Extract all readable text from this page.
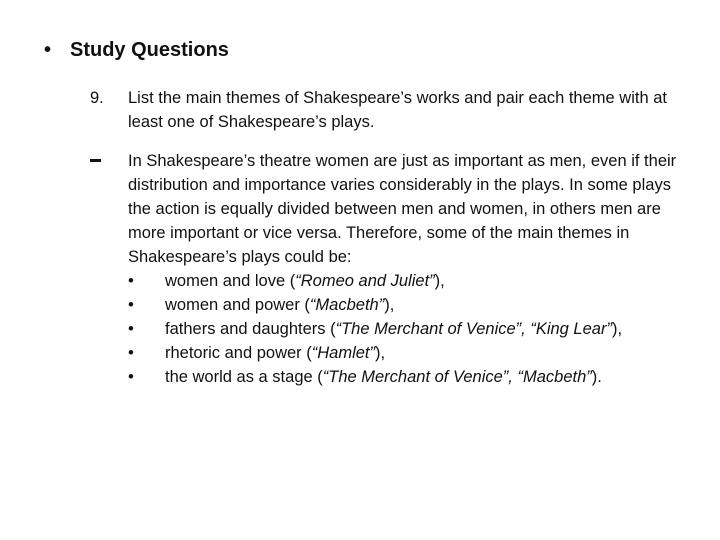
• Study Questions
9.	List the main themes of Shakespeare’s works and pair each theme with at least one of Shakespeare’s plays.

In Shakespeare’s theatre women are just as important as men, even if their distribution and importance varies considerably in the plays. In some plays the action is equally divided between men and women, in others men are more important or vice versa. Therefore, some of the main themes in Shakespeare’s plays could be:

•	women and love ( “Romeo and Juliet” ),
•	women and power ( “Macbeth” ),
•	fathers and daughters ( “The Merchant of Venice”, “King Lear” ),
•	rhetoric and power ( “Hamlet” ),
•	the world as a stage ( “The Merchant of Venice”, “Macbeth” ).
